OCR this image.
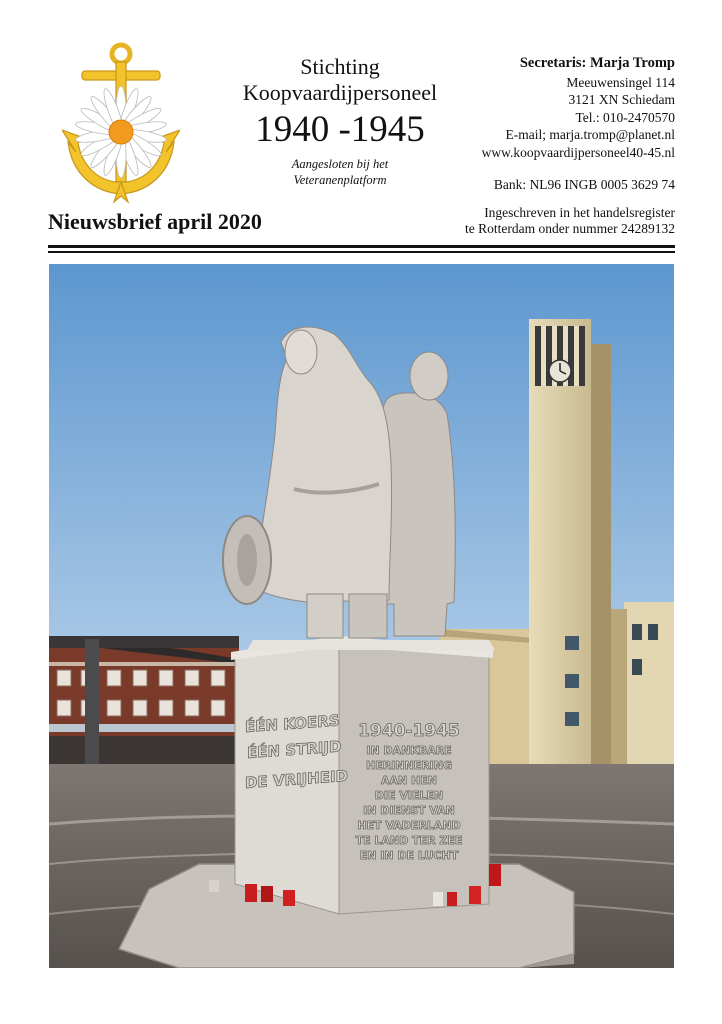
Stichting
Koopvaardijpersoneel
1940 -1945
Aangesloten bij het
Veteranenplatform
Secretaris: Marja Tromp
Meeuwensingel 114
3121 XN Schiedam
Tel.: 010-2470570
E-mail; marja.tromp@planet.nl
www.koopvaardijpersoneel40-45.nl
Bank: NL96 INGB 0005 3629 74
Ingeschreven in het handelsregister
te Rotterdam onder nummer 24289132
Nieuwsbrief april 2020
ÉÉN KOERS
ÉÉN STRIJD
DE VRIJHEID
1940-1945
IN DANKBARE
HERINNERING
AAN HEN
DIE VIELEN
IN DIENST VAN
HET VADERLAND
TE LAND TER ZEE
EN IN DE LUCHT
